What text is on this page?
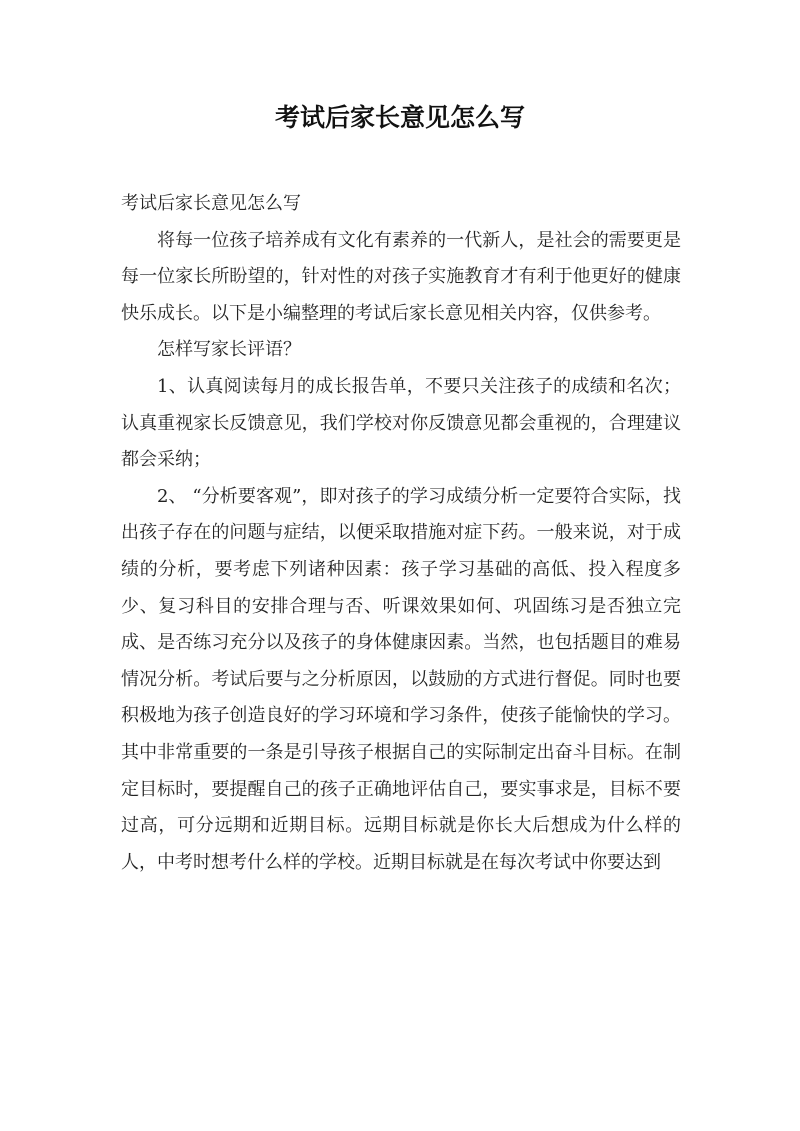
考试后家长意见怎么写

考试后家长意见怎么写

将每一位孩子培养成有文化有素养的一代新人，是社会的需要更是每一位家长所盼望的，针对性的对孩子实施教育才有利于他更好的健康快乐成长。以下是小编整理的考试后家长意见相关内容，仅供参考。

怎样写家长评语？

1、认真阅读每月的成长报告单，不要只关注孩子的成绩和名次；认真重视家长反馈意见，我们学校对你反馈意见都会重视的，合理建议都会采纳；

2、 “分析要客观”，即对孩子的学习成绩分析一定要符合实际，找出孩子存在的问题与症结，以便采取措施对症下药。一般来说，对于成绩的分析，要考虑下列诸种因素：孩子学习基础的高低、投入程度多少、复习科目的安排合理与否、听课效果如何、巩固练习是否独立完成、是否练习充分以及孩子的身体健康因素。当然，也包括题目的难易情况分析。考试后要与之分析原因，以鼓励的方式进行督促。同时也要积极地为孩子创造良好的学习环境和学习条件，使孩子能愉快的学习。其中非常重要的一条是引导孩子根据自己的实际制定出奋斗目标。在制定目标时，要提醒自己的孩子正确地评估自己，要实事求是，目标不要过高，可分远期和近期目标。远期目标就是你长大后想成为什么样的人，中考时想考什么样的学校。近期目标就是在每次考试中你要达到
